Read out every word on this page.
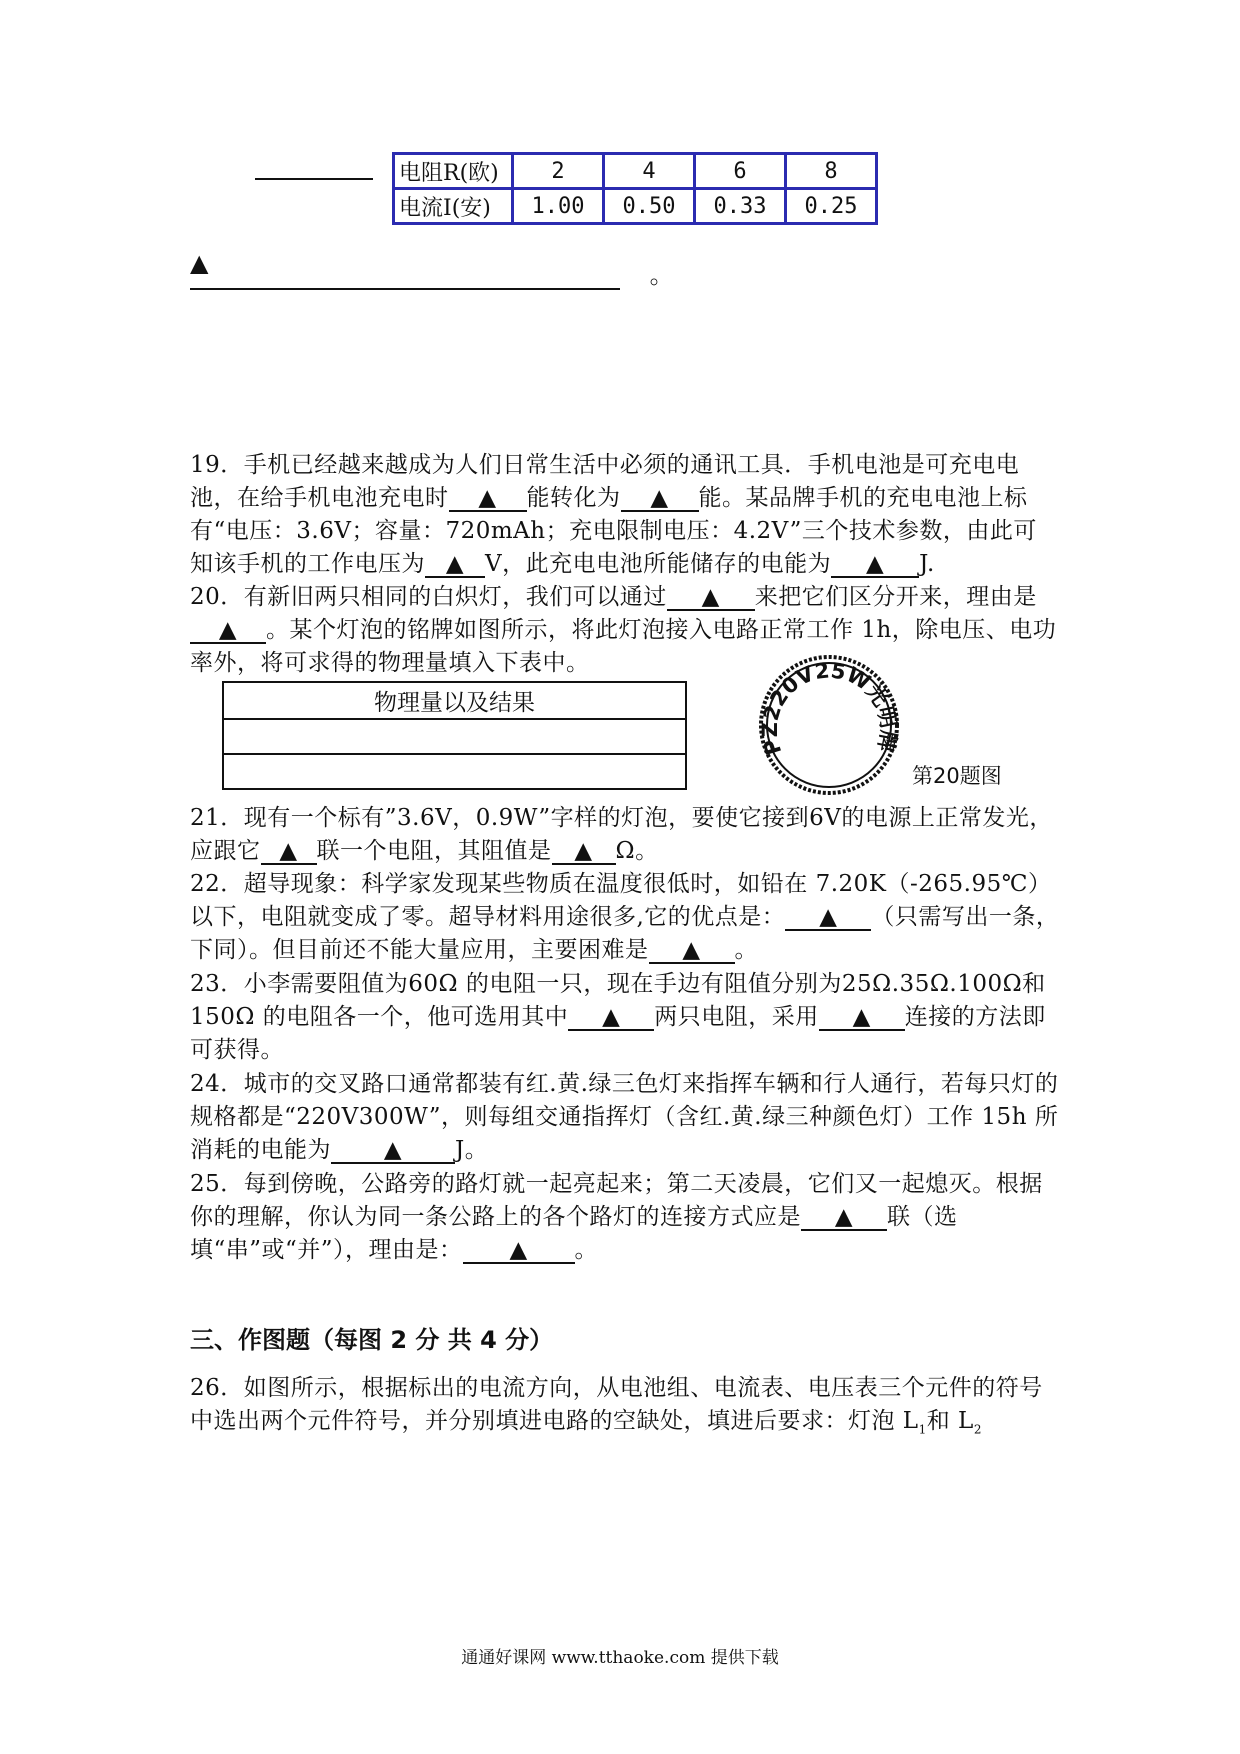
电阻R(欧)	2	4	6	8
电流I(安)	1.00	0.50	0.33	0.25

▲	。
19．手机已经越来越成为人们日常生活中必须的通讯工具．手机电池是可充电电池，在给手机电池充电时 ▲ 能转化为 ▲ 能。某品牌手机的充电电池上标有“电压：3.6V；容量：720mAh；充电限制电压：4.2V”三个技术参数，由此可知该手机的工作电压为 ▲ V，此充电电池所能储存的电能为 ▲ J.
20．有新旧两只相同的白炽灯，我们可以通过 ▲ 来把它们区分开来，理由是▲ 。某个灯泡的铭牌如图所示，将此灯泡接入电路正常工作 1h，除电压、电功率外，将可求得的物理量填入下表中。
物理量以及结果

PZ220V25W光明牌
第20题图
21．现有一个标有”3.6V，0.9W”字样的灯泡，要使它接到6V的电源上正常发光，应跟它 ▲ 联一个电阻，其阻值是 ▲ Ω。
22．超导现象：科学家发现某些物质在温度很低时，如铅在 7.20K（-265.95℃）以下，电阻就变成了零。超导材料用途很多,它的优点是： ▲ （只需写出一条，下同）。但目前还不能大量应用，主要困难是 ▲ 。
23．小李需要阻值为60Ω 的电阻一只，现在手边有阻值分别为25Ω.35Ω.100Ω和 150Ω 的电阻各一个，他可选用其中 ▲ 两只电阻，采用 ▲ 连接的方法即可获得。
24．城市的交叉路口通常都装有红.黄.绿三色灯来指挥车辆和行人通行，若每只灯的规格都是“220V300W”，则每组交通指挥灯（含红.黄.绿三种颜色灯）工作 15h 所消耗的电能为 ▲ J。
25．每到傍晚，公路旁的路灯就一起亮起来；第二天凌晨，它们又一起熄灭。根据你的理解，你认为同一条公路上的各个路灯的连接方式应是 ▲ 联（选填“串”或“并”），理由是： ▲ 。
三、作图题（每图 2 分 共 4 分）
26．如图所示，根据标出的电流方向，从电池组、电流表、电压表三个元件的符号中选出两个元件符号，并分别填进电路的空缺处，填进后要求：灯泡 $L_1$和 $L_2$
通通好课网 www.tthaoke.com 提供下载
